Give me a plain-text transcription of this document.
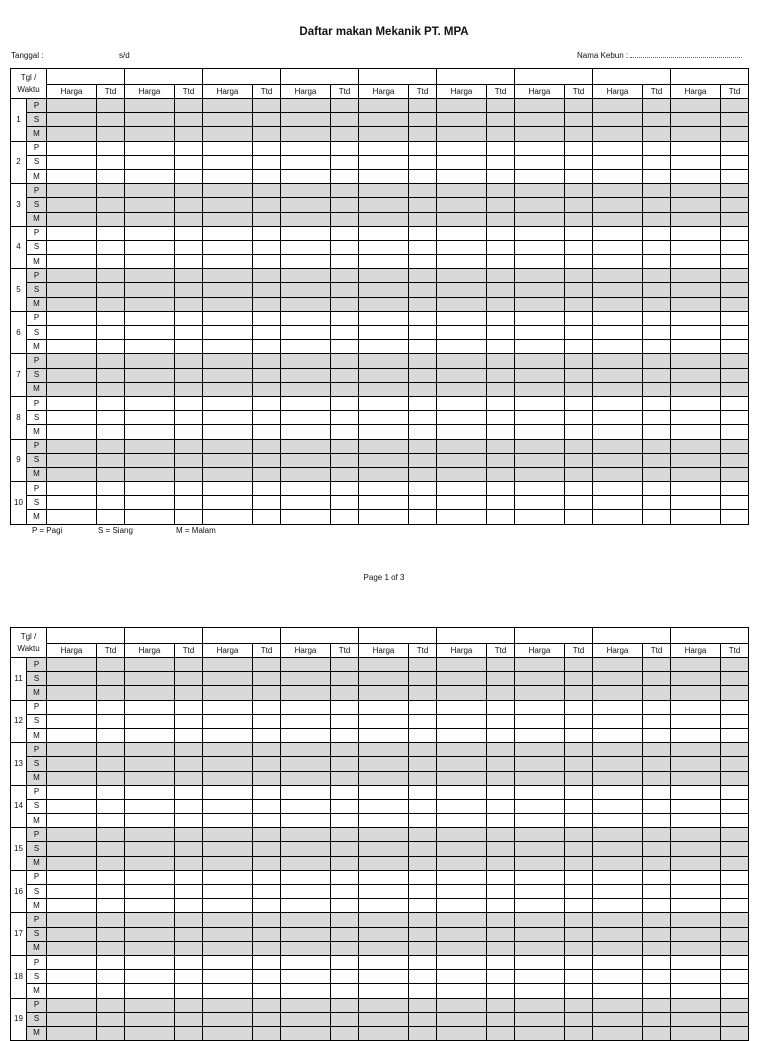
Daftar makan Mekanik PT. MPA
Tanggal :	s/d	Nama Kebun :
Tgl /
Waktu																			
		Harga	Ttd	Harga	Ttd	Harga	Ttd	Harga	Ttd	Harga	Ttd	Harga	Ttd	Harga	Ttd	Harga	Ttd	Harga	Ttd
1	P																		
	S																		
	M																		
2	P																		
	S																		
	M																		
3	P																		
	S																		
	M																		
4	P																		
	S																		
	M																		
5	P																		
	S																		
	M																		
6	P																		
	S																		
	M																		
7	P																		
	S																		
	M																		
8	P																		
	S																		
	M																		
9	P																		
	S																		
	M																		
10	P																		
	S																		
	M																		
P = Pagi	S = Siang	M = Malam
Page 1 of 3
Tgl /
Waktu																			
		Harga	Ttd	Harga	Ttd	Harga	Ttd	Harga	Ttd	Harga	Ttd	Harga	Ttd	Harga	Ttd	Harga	Ttd	Harga	Ttd
11	P																		
	S																		
	M																		
12	P																		
	S																		
	M																		
13	P																		
	S																		
	M																		
14	P																		
	S																		
	M																		
15	P																		
	S																		
	M																		
16	P																		
	S																		
	M																		
17	P																		
	S																		
	M																		
18	P																		
	S																		
	M																		
19	P																		
	S																		
	M																		
